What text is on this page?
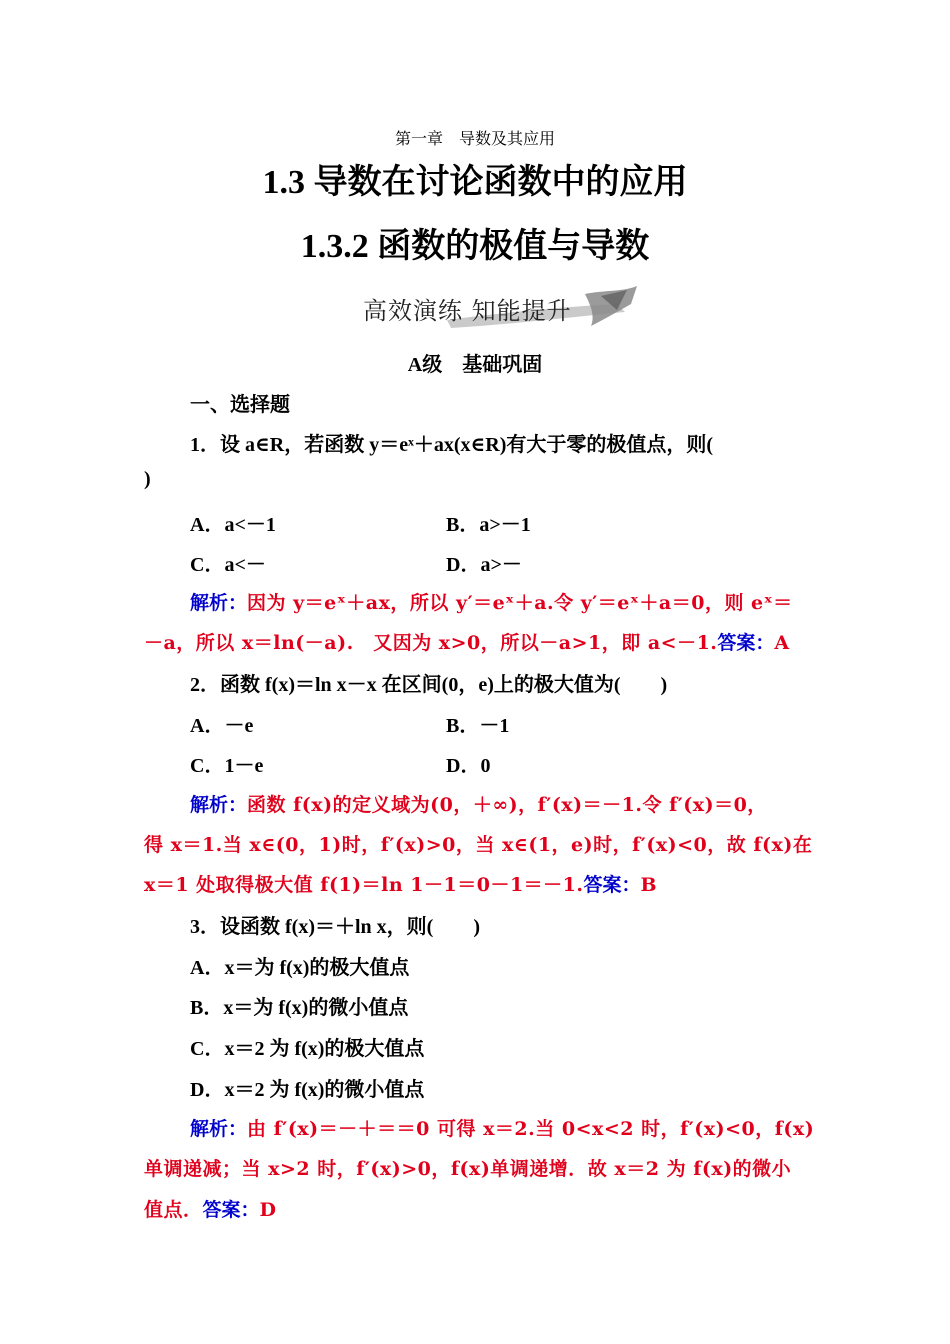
第一章　导数及其应用
1.3 导数在讨论函数中的应用
1.3.2 函数的极值与导数
高效演练 知能提升
A级　基础巩固
一、选择题
1．设 a∈R，若函数 y＝eˣ＋ax(x∈R)有大于零的极值点，则(
)
A．a<－1	B．a>－1
C．a<－	D．a>－
解析：因为 y＝eˣ＋ax，所以 y′＝eˣ＋a.令 y′＝eˣ＋a＝0，则 eˣ＝
－a，所以 x＝ln(－a).　又因为 x>0，所以－a>1，即 a<－1.答案：A
2．函数 f(x)＝ln x－x 在区间(0，e)上的极大值为(　　)
A．－e	B．－1
C．1－e	D．0
解析：函数 f(x)的定义域为(0，＋∞)，f′(x)＝－1.令 f′(x)＝0，
得 x＝1.当 x∈(0，1)时，f′(x)>0，当 x∈(1，e)时，f′(x)<0，故 f(x)在
x＝1 处取得极大值 f(1)＝ln 1－1＝0－1＝－1.答案：B
3．设函数 f(x)＝＋ln x，则(　　)
A．x＝为 f(x)的极大值点
B．x＝为 f(x)的微小值点
C．x＝2 为 f(x)的极大值点
D．x＝2 为 f(x)的微小值点
解析：由 f′(x)＝－＋＝＝0 可得 x＝2.当 0<x<2 时，f′(x)<0，f(x)
单调递减；当 x>2 时，f′(x)>0，f(x)单调递增．故 x＝2 为 f(x)的微小
值点．答案：D
